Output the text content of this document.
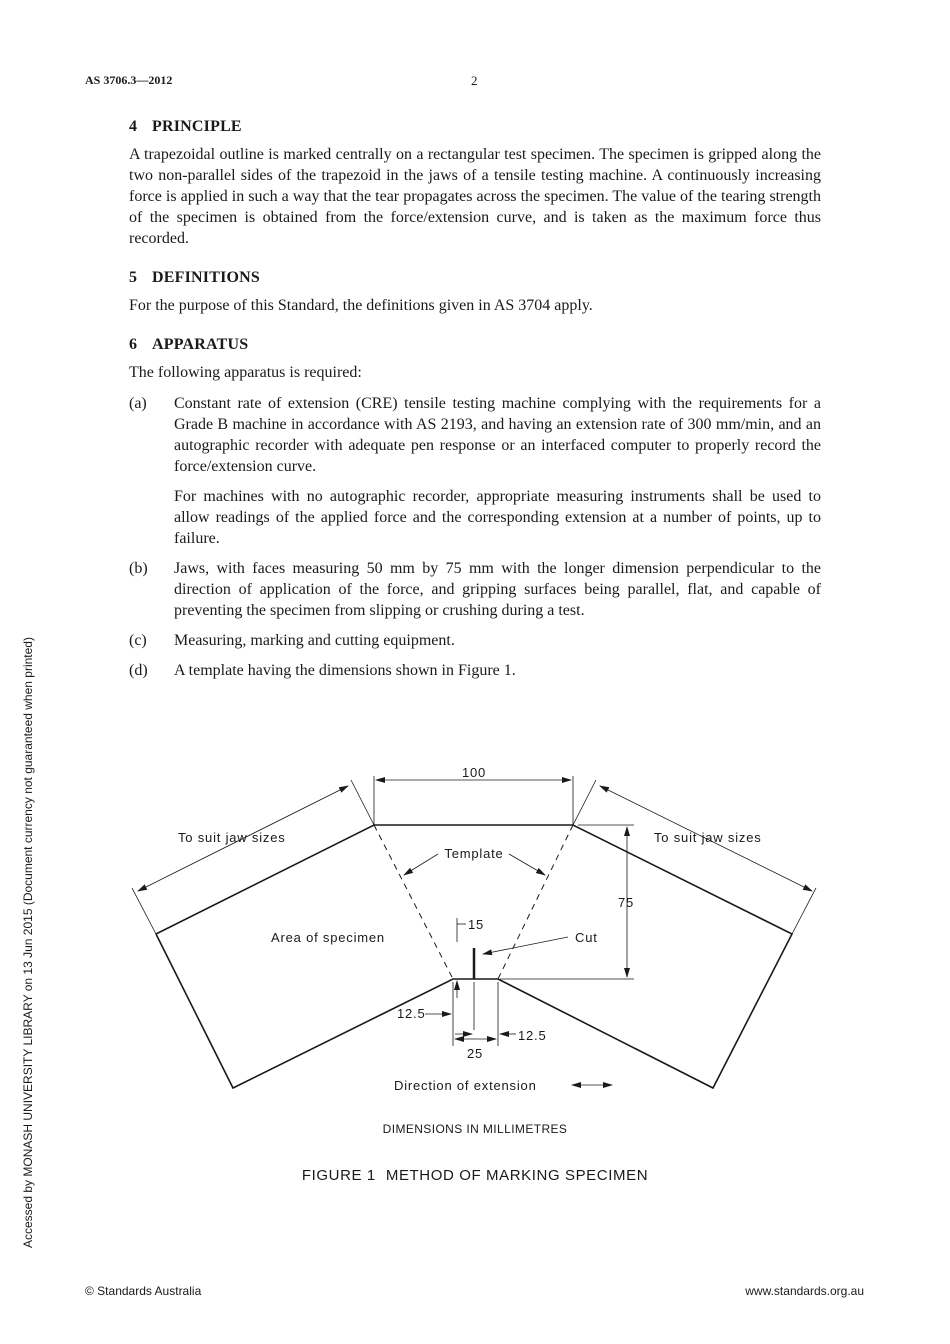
AS 3706.3—2012	2
4 PRINCIPLE

A trapezoidal outline is marked centrally on a rectangular test specimen. The specimen is gripped along the two non-parallel sides of the trapezoid in the jaws of a tensile testing machine. A continuously increasing force is applied in such a way that the tear propagates across the specimen. The value of the tearing strength of the specimen is obtained from the force/extension curve, and is taken as the maximum force thus recorded.

5 DEFINITIONS

For the purpose of this Standard, the definitions given in AS 3704 apply.

6 APPARATUS

The following apparatus is required:

(a) Constant rate of extension (CRE) tensile testing machine complying with the requirements for a Grade B machine in accordance with AS 2193, and having an extension rate of 300 mm/min, and an autographic recorder with adequate pen response or an interfaced computer to properly record the force/extension curve.

For machines with no autographic recorder, appropriate measuring instruments shall be used to allow readings of the applied force and the corresponding extension at a number of points, up to failure.

(b) Jaws, with faces measuring 50 mm by 75 mm with the longer dimension perpendicular to the direction of application of the force, and gripping surfaces being parallel, flat, and capable of preventing the specimen from slipping or crushing during a test.

(c) Measuring, marking and cutting equipment.

(d) A template having the dimensions shown in Figure 1.

100
To suit jaw sizes	To suit jaw sizes
Template
75
15
Area of specimen	Cut
12.5
12.5
25
Direction of extension
DIMENSIONS IN MILLIMETRES
FIGURE 1 METHOD OF MARKING SPECIMEN
Accessed by MONASH UNIVERSITY LIBRARY on 13 Jun 2015 (Document currency not guaranteed when printed)
© Standards Australia	www.standards.org.au
